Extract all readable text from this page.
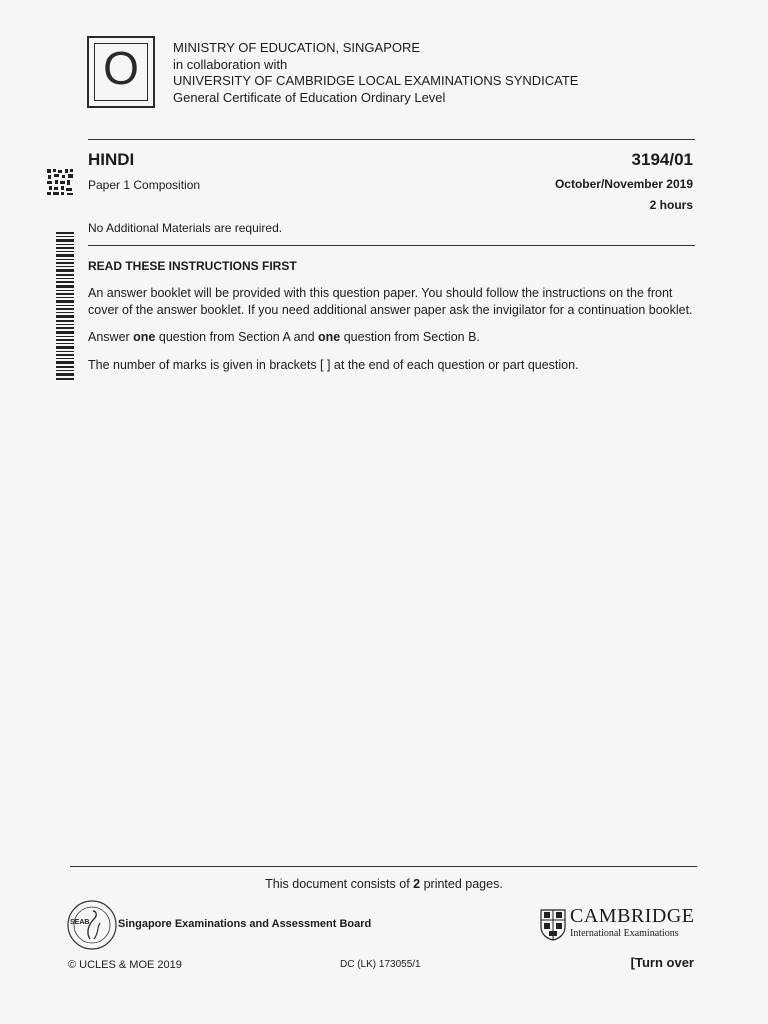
O	MINISTRY OF EDUCATION, SINGAPORE
in collaboration with
UNIVERSITY OF CAMBRIDGE LOCAL EXAMINATIONS SYNDICATE
General Certificate of Education Ordinary Level
HINDI	3194/01
Paper 1 Composition	October/November 2019
2 hours
No Additional Materials are required.
READ THESE INSTRUCTIONS FIRST
An answer booklet will be provided with this question paper. You should follow the instructions on the front cover of the answer booklet. If you need additional answer paper ask the invigilator for a continuation booklet.
Answer one question from Section A and one question from Section B.
The number of marks is given in brackets [ ] at the end of each question or part question.
This document consists of 2 printed pages.
SEAB	Singapore Examinations and Assessment Board	CAMBRIDGE
International Examinations
© UCLES & MOE 2019	DC (LK) 173055/1	[Turn over
